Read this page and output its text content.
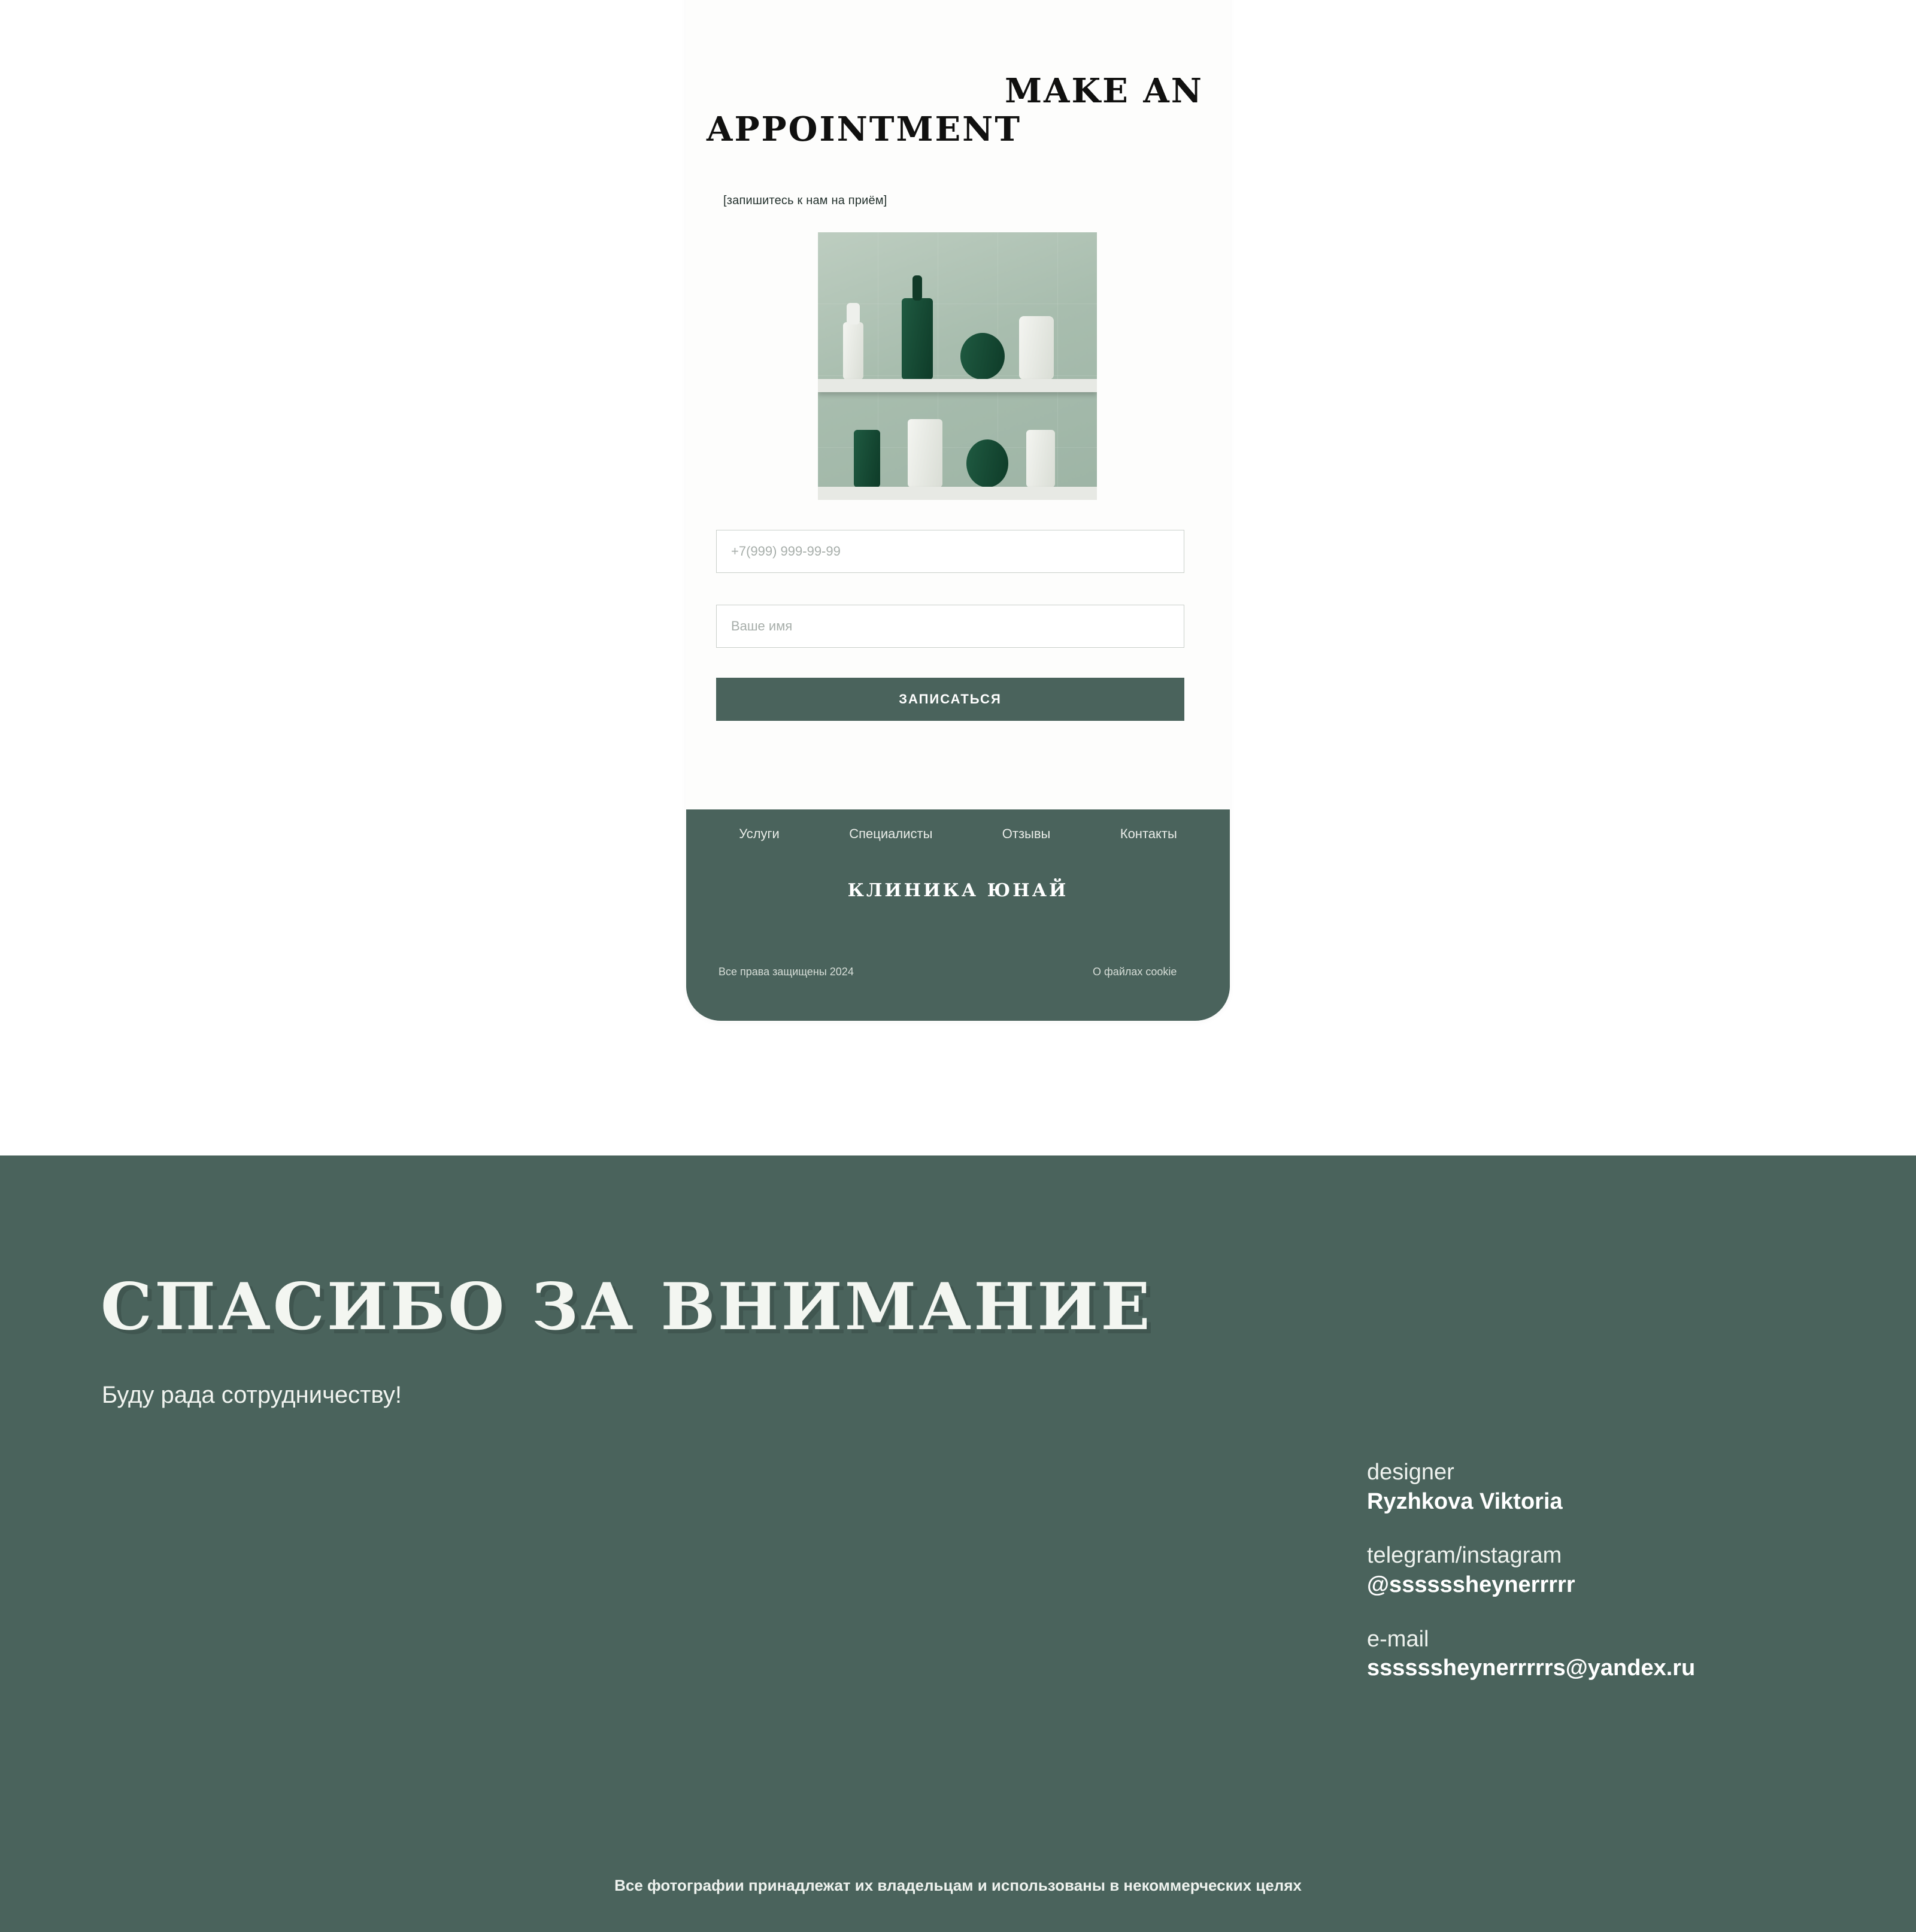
MAKE AN
APPOINTMENT
[запишитесь к нам на приём]
+7(999) 999-99-99
Ваше имя
ЗАПИСАТЬСЯ
Услуги	Специалисты	Отзывы	Контакты
КЛИНИКА ЮНАЙ
Все права защищены 2024	О файлах cookie
СПАСИБО ЗА ВНИМАНИЕ
Буду рада сотрудничеству!
designer
Ryzhkova Viktoria
telegram/instagram
@ssssssheynerrrrr
e-mail
ssssssheynerrrrrs@yandex.ru
Все фотографии принадлежат их владельцам и использованы в некоммерческих целях
